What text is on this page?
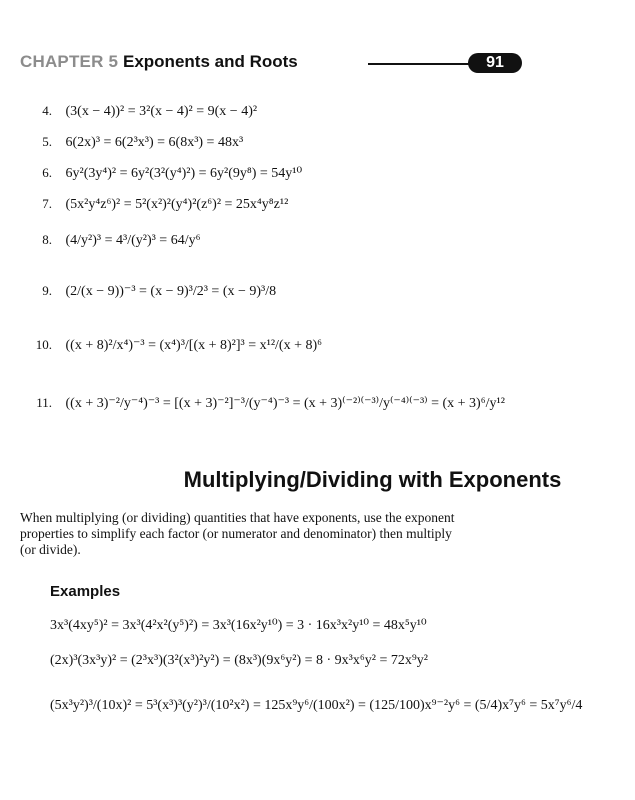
CHAPTER 5 Exponents and Roots	91
4. (3(x − 4))² = 3²(x − 4)² = 9(x − 4)²
5. 6(2x)³ = 6(2³x³) = 6(8x³) = 48x³
6. 6y²(3y⁴)² = 6y²(3²(y⁴)²) = 6y²(9y⁸) = 54y¹⁰
7. (5x²y⁴z⁶)² = 5²(x²)²(y⁴)²(z⁶)² = 25x⁴y⁸z¹²
8. (4/y²)³ = 4³/(y²)³ = 64/y⁶
9. (2/(x − 9))⁻³ = (x − 9)³/2³ = (x − 9)³/8
10. ((x + 8)²/x⁴)⁻³ = (x⁴)³/[(x + 8)²]³ = x¹²/(x + 8)⁶
11. ((x + 3)⁻²/y⁻⁴)⁻³ = [(x + 3)⁻²]⁻³/(y⁻⁴)⁻³ = (x + 3)⁽⁻²⁾⁽⁻³⁾/y⁽⁻⁴⁾⁽⁻³⁾ = (x + 3)⁶/y¹²
Multiplying/Dividing with Exponents
When multiplying (or dividing) quantities that have exponents, use the exponent properties to simplify each factor (or numerator and denominator) then multiply (or divide).
Examples
3x³(4xy⁵)² = 3x³(4²x²(y⁵)²) = 3x³(16x²y¹⁰) = 3 · 16x³x²y¹⁰ = 48x⁵y¹⁰
(2x)³(3x³y)² = (2³x³)(3²(x³)²y²) = (8x³)(9x⁶y²) = 8 · 9x³x⁶y² = 72x⁹y²
(5x³y²)³/(10x)² = 5³(x³)³(y²)³/(10²x²) = 125x⁹y⁶/(100x²) = (125/100)x⁹⁻²y⁶ = (5/4)x⁷y⁶ = 5x⁷y⁶/4
